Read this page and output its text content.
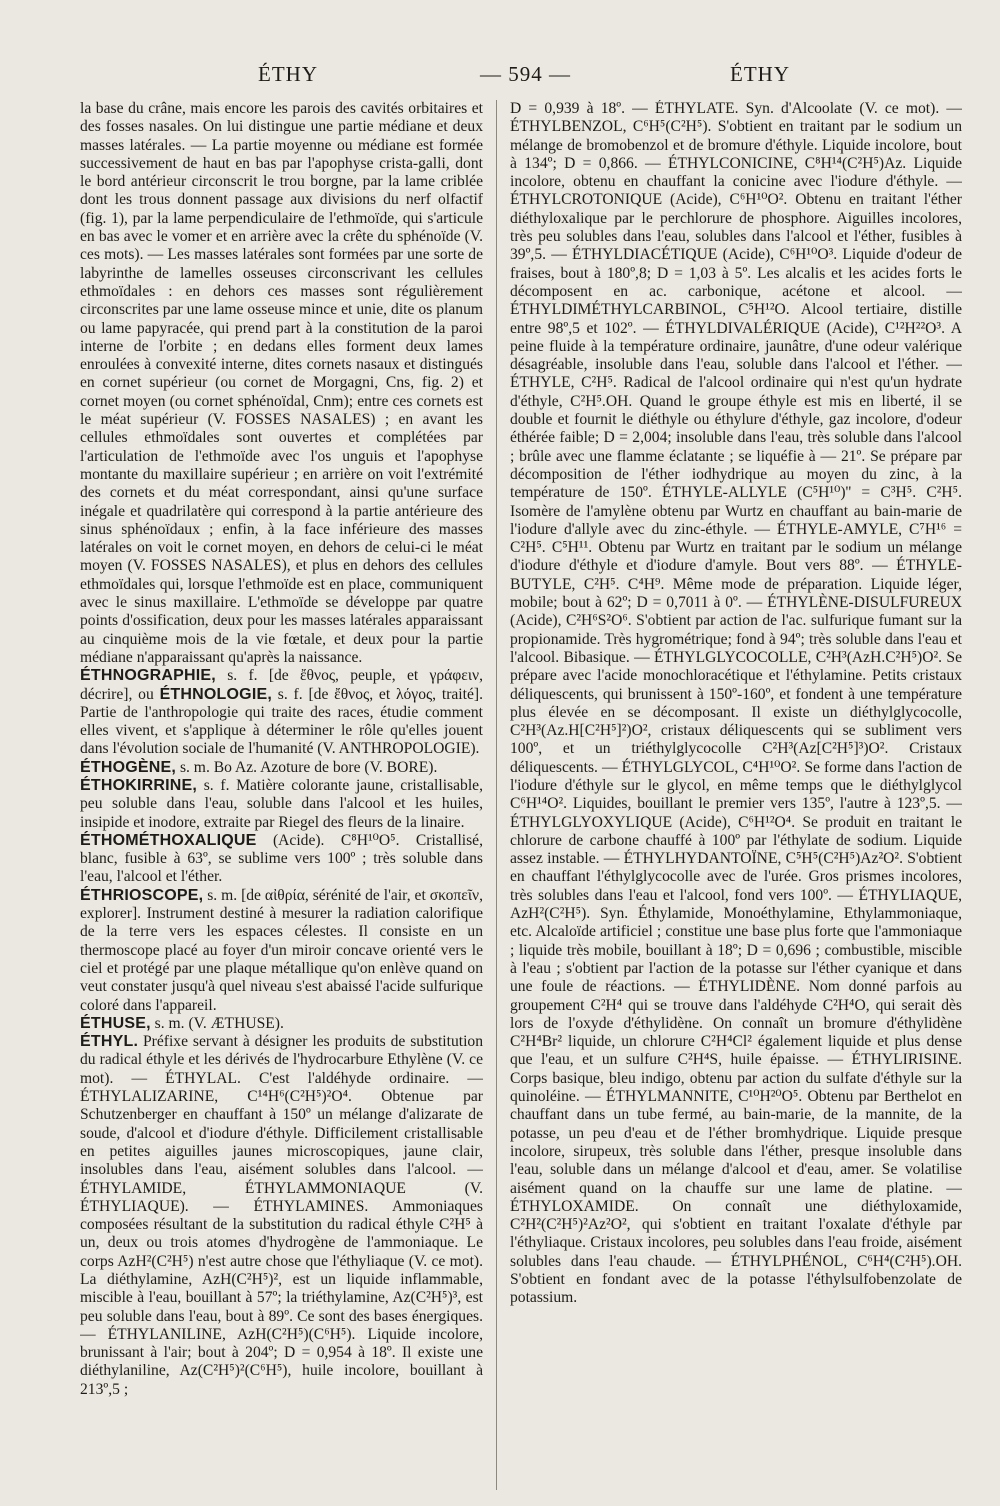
ÉTHY	— 594 —	ÉTHY

la base du crâne, mais encore les parois des cavités orbitaires et des fosses nasales. On lui distingue une partie médiane et deux masses latérales. — La partie moyenne ou médiane est formée successivement de haut en bas par l'apophyse crista-galli, dont le bord antérieur circonscrit le trou borgne, par la lame criblée dont les trous donnent passage aux divisions du nerf olfactif (fig. 1), par la lame perpendiculaire de l'ethmoïde, qui s'articule en bas avec le vomer et en arrière avec la crête du sphénoïde (V. ces mots). — Les masses latérales sont formées par une sorte de labyrinthe de lamelles osseuses circonscrivant les cellules ethmoïdales : en dehors ces masses sont régulièrement circonscrites par une lame osseuse mince et unie, dite os planum ou lame papyracée, qui prend part à la constitution de la paroi interne de l'orbite ; en dedans elles forment deux lames enroulées à convexité interne, dites cornets nasaux et distingués en cornet supérieur (ou cornet de Morgagni, Cns, fig. 2) et cornet moyen (ou cornet sphénoïdal, Cnm); entre ces cornets est le méat supérieur (V. FOSSES NASALES) ; en avant les cellules ethmoïdales sont ouvertes et complétées par l'articulation de l'ethmoïde avec l'os unguis et l'apophyse montante du maxillaire supérieur ; en arrière on voit l'extrémité des cornets et du méat correspondant, ainsi qu'une surface inégale et quadrilatère qui correspond à la partie antérieure des sinus sphénoïdaux ; enfin, à la face inférieure des masses latérales on voit le cornet moyen, en dehors de celui-ci le méat moyen (V. FOSSES NASALES), et plus en dehors des cellules ethmoïdales qui, lorsque l'ethmoïde est en place, communiquent avec le sinus maxillaire. L'ethmoïde se développe par quatre points d'ossification, deux pour les masses latérales apparaissant au cinquième mois de la vie fœtale, et deux pour la partie médiane n'apparaissant qu'après la naissance.

ÉTHNOGRAPHIE, s. f. [de ἔθνος, peuple, et γράφειν, décrire], ou ÉTHNOLOGIE, s. f. [de ἔθνος, et λόγος, traité]. Partie de l'anthropologie qui traite des races, étudie comment elles vivent, et s'applique à déterminer le rôle qu'elles jouent dans l'évolution sociale de l'humanité (V. ANTHROPOLOGIE).

ÉTHOGÈNE, s. m. Bo Az. Azoture de bore (V. BORE).

ÉTHOKIRRINE, s. f. Matière colorante jaune, cristallisable, peu soluble dans l'eau, soluble dans l'alcool et les huiles, insipide et inodore, extraite par Riegel des fleurs de la linaire.

ÉTHOMÉTHOXALIQUE (Acide). C⁸H¹⁰O⁵. Cristallisé, blanc, fusible à 63º, se sublime vers 100º ; très soluble dans l'eau, l'alcool et l'éther.

ÉTHRIOSCOPE, s. m. [de αἰθρία, sérénité de l'air, et σκοπεῖν, explorer]. Instrument destiné à mesurer la radiation calorifique de la terre vers les espaces célestes. Il consiste en un thermoscope placé au foyer d'un miroir concave orienté vers le ciel et protégé par une plaque métallique qu'on enlève quand on veut constater jusqu'à quel niveau s'est abaissé l'acide sulfurique coloré dans l'appareil.

ÉTHUSE, s. m. (V. ÆTHUSE).

ÉTHYL. Préfixe servant à désigner les produits de substitution du radical éthyle et les dérivés de l'hydrocarbure Ethylène (V. ce mot). — ÉTHYLAL. C'est l'aldéhyde ordinaire. — ÉTHYLALIZARINE, C¹⁴H⁶(C²H⁵)²O⁴. Obtenue par Schutzenberger en chauffant à 150º un mélange d'alizarate de soude, d'alcool et d'iodure d'éthyle. Difficilement cristallisable en petites aiguilles jaunes microscopiques, jaune clair, insolubles dans l'eau, aisément solubles dans l'alcool. — ÉTHYLAMIDE, ÉTHYLAMMONIAQUE (V. ÉTHYLIAQUE). — ÉTHYLAMINES. Ammoniaques composées résultant de la substitution du radical éthyle C²H⁵ à un, deux ou trois atomes d'hydrogène de l'ammoniaque. Le corps AzH²(C²H⁵) n'est autre chose que l'éthyliaque (V. ce mot). La diéthylamine, AzH(C²H⁵)², est un liquide inflammable, miscible à l'eau, bouillant à 57º; la triéthylamine, Az(C²H⁵)³, est peu soluble dans l'eau, bout à 89º. Ce sont des bases énergiques. — ÉTHYLANILINE, AzH(C²H⁵)(C⁶H⁵). Liquide incolore, brunissant à l'air; bout à 204º; D = 0,954 à 18º. Il existe une diéthylaniline, Az(C²H⁵)²(C⁶H⁵), huile incolore, bouillant à 213º,5 ;

D = 0,939 à 18º. — ÉTHYLATE. Syn. d'Alcoolate (V. ce mot). — ÉTHYLBENZOL, C⁶H⁵(C²H⁵). S'obtient en traitant par le sodium un mélange de bromobenzol et de bromure d'éthyle. Liquide incolore, bout à 134º; D = 0,866. — ÉTHYLCONICINE, C⁸H¹⁴(C²H⁵)Az. Liquide incolore, obtenu en chauffant la conicine avec l'iodure d'éthyle. — ÉTHYLCROTONIQUE (Acide), C⁶H¹⁰O². Obtenu en traitant l'éther diéthyloxalique par le perchlorure de phosphore. Aiguilles incolores, très peu solubles dans l'eau, solubles dans l'alcool et l'éther, fusibles à 39º,5. — ÉTHYLDIACÉTIQUE (Acide), C⁶H¹⁰O³. Liquide d'odeur de fraises, bout à 180º,8; D = 1,03 à 5º. Les alcalis et les acides forts le décomposent en ac. carbonique, acétone et alcool. — ÉTHYLDIMÉTHYLCARBINOL, C⁵H¹²O. Alcool tertiaire, distille entre 98º,5 et 102º. — ÉTHYLDIVALÉRIQUE (Acide), C¹²H²²O³. A peine fluide à la température ordinaire, jaunâtre, d'une odeur valérique désagréable, insoluble dans l'eau, soluble dans l'alcool et l'éther. — ÉTHYLE, C²H⁵. Radical de l'alcool ordinaire qui n'est qu'un hydrate d'éthyle, C²H⁵.OH. Quand le groupe éthyle est mis en liberté, il se double et fournit le diéthyle ou éthylure d'éthyle, gaz incolore, d'odeur éthérée faible; D = 2,004; insoluble dans l'eau, très soluble dans l'alcool ; brûle avec une flamme éclatante ; se liquéfie à — 21º. Se prépare par décomposition de l'éther iodhydrique au moyen du zinc, à la température de 150º. ÉTHYLE-ALLYLE (C⁵H¹⁰)'' = C³H⁵. C²H⁵. Isomère de l'amylène obtenu par Wurtz en chauffant au bain-marie de l'iodure d'allyle avec du zinc-éthyle. — ÉTHYLE-AMYLE, C⁷H¹⁶ = C²H⁵. C⁵H¹¹. Obtenu par Wurtz en traitant par le sodium un mélange d'iodure d'éthyle et d'iodure d'amyle. Bout vers 88º. — ÉTHYLE-BUTYLE, C²H⁵. C⁴H⁹. Même mode de préparation. Liquide léger, mobile; bout à 62º; D = 0,7011 à 0º. — ÉTHYLÈNE-DISULFUREUX (Acide), C²H⁶S²O⁶. S'obtient par action de l'ac. sulfurique fumant sur la propionamide. Très hygrométrique; fond à 94º; très soluble dans l'eau et l'alcool. Bibasique. — ÉTHYLGLYCOCOLLE, C²H³(AzH.C²H⁵)O². Se prépare avec l'acide monochloracétique et l'éthylamine. Petits cristaux déliquescents, qui brunissent à 150º-160º, et fondent à une température plus élevée en se décomposant. Il existe un diéthylglycocolle, C²H³(Az.H[C²H⁵]²)O², cristaux déliquescents qui se subliment vers 100º, et un triéthylglycocolle C²H³(Az[C²H⁵]³)O². Cristaux déliquescents. — ÉTHYLGLYCOL, C⁴H¹⁰O². Se forme dans l'action de l'iodure d'éthyle sur le glycol, en même temps que le diéthylglycol C⁶H¹⁴O². Liquides, bouillant le premier vers 135º, l'autre à 123º,5. — ÉTHYLGLYOXYLIQUE (Acide), C⁶H¹²O⁴. Se produit en traitant le chlorure de carbone chauffé à 100º par l'éthylate de sodium. Liquide assez instable. — ÉTHYLHYDANTOÏNE, C⁵H⁵(C²H⁵)Az²O². S'obtient en chauffant l'éthylglycocolle avec de l'urée. Gros prismes incolores, très solubles dans l'eau et l'alcool, fond vers 100º. — ÉTHYLIAQUE, AzH²(C²H⁵). Syn. Éthylamide, Monoéthylamine, Ethylammoniaque, etc. Alcaloïde artificiel ; constitue une base plus forte que l'ammoniaque ; liquide très mobile, bouillant à 18º; D = 0,696 ; combustible, miscible à l'eau ; s'obtient par l'action de la potasse sur l'éther cyanique et dans une foule de réactions. — ÉTHYLIDÈNE. Nom donné parfois au groupement C²H⁴ qui se trouve dans l'aldéhyde C²H⁴O, qui serait dès lors de l'oxyde d'éthylidène. On connaît un bromure d'éthylidène C²H⁴Br² liquide, un chlorure C²H⁴Cl² également liquide et plus dense que l'eau, et un sulfure C²H⁴S, huile épaisse. — ÉTHYLIRISINE. Corps basique, bleu indigo, obtenu par action du sulfate d'éthyle sur la quinoléine. — ÉTHYLMANNITE, C¹⁰H²⁰O⁵. Obtenu par Berthelot en chauffant dans un tube fermé, au bain-marie, de la mannite, de la potasse, un peu d'eau et de l'éther bromhydrique. Liquide presque incolore, sirupeux, très soluble dans l'éther, presque insoluble dans l'eau, soluble dans un mélange d'alcool et d'eau, amer. Se volatilise aisément quand on la chauffe sur une lame de platine. — ÉTHYLOXAMIDE. On connaît une diéthyloxamide, C²H²(C²H⁵)²Az²O², qui s'obtient en traitant l'oxalate d'éthyle par l'éthyliaque. Cristaux incolores, peu solubles dans l'eau froide, aisément solubles dans l'eau chaude. — ÉTHYLPHÉNOL, C⁶H⁴(C²H⁵).OH. S'obtient en fondant avec de la potasse l'éthylsulfobenzolate de potassium.
